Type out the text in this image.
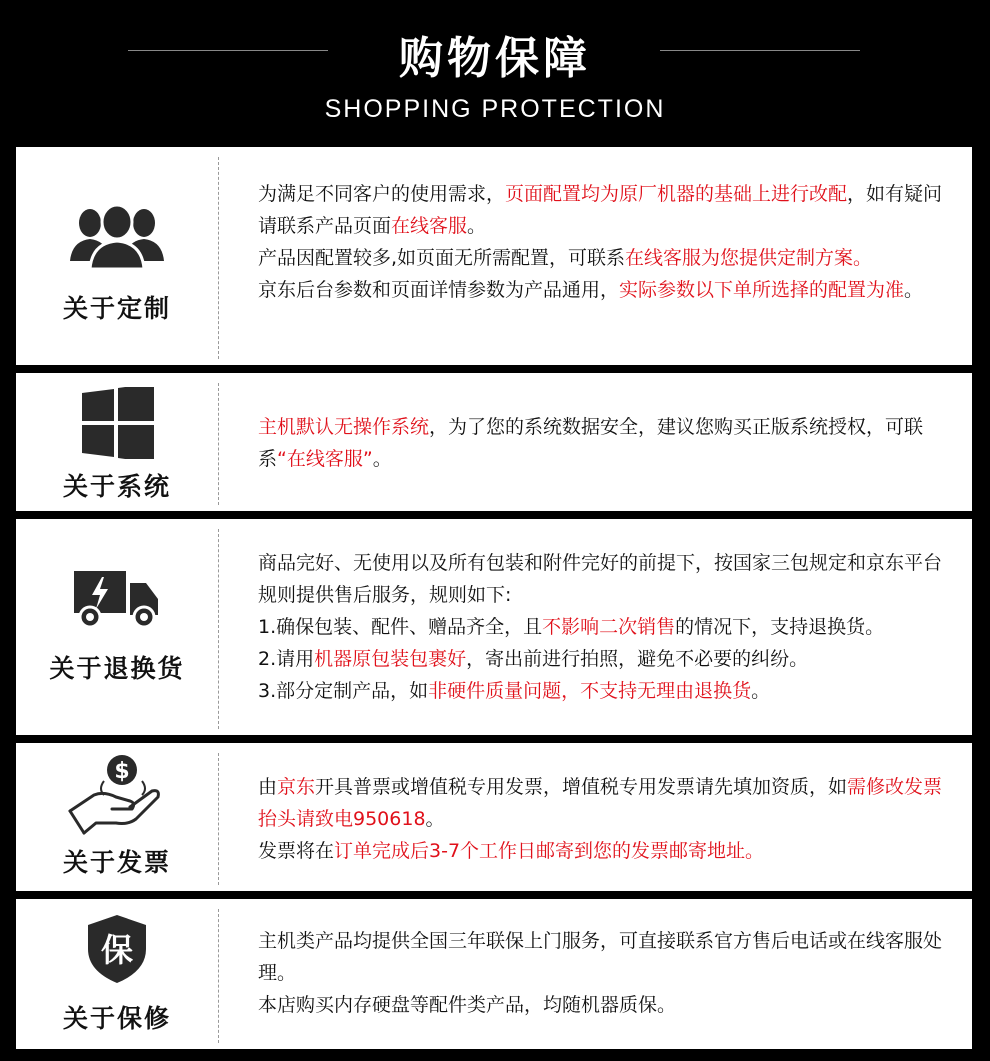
购物保障
SHOPPING PROTECTION
关于定制

为满足不同客户的使用需求，页面配置均为原厂机器的基础上进行改配，如有疑问请联系产品页面在线客服。

产品因配置较多,如页面无所需配置，可联系在线客服为您提供定制方案。

京东后台参数和页面详情参数为产品通用，实际参数以下单所选择的配置为准。

关于系统

主机默认无操作系统，为了您的系统数据安全，建议您购买正版系统授权，可联系“在线客服”。

关于退换货

商品完好、无使用以及所有包装和附件完好的前提下，按国家三包规定和京东平台规则提供售后服务，规则如下:

1.确保包装、配件、赠品齐全，且不影响二次销售的情况下，支持退换货。

2.请用机器原包装包裹好，寄出前进行拍照，避免不必要的纠纷。

3.部分定制产品，如非硬件质量问题，不支持无理由退换货。

$
关于发票

由京东开具普票或增值税专用发票，增值税专用发票请先填加资质，如需修改发票抬头请致电950618。

发票将在订单完成后3-7个工作日邮寄到您的发票邮寄地址。

保
关于保修

主机类产品均提供全国三年联保上门服务，可直接联系官方售后电话或在线客服处理。

本店购买内存硬盘等配件类产品，均随机器质保。
